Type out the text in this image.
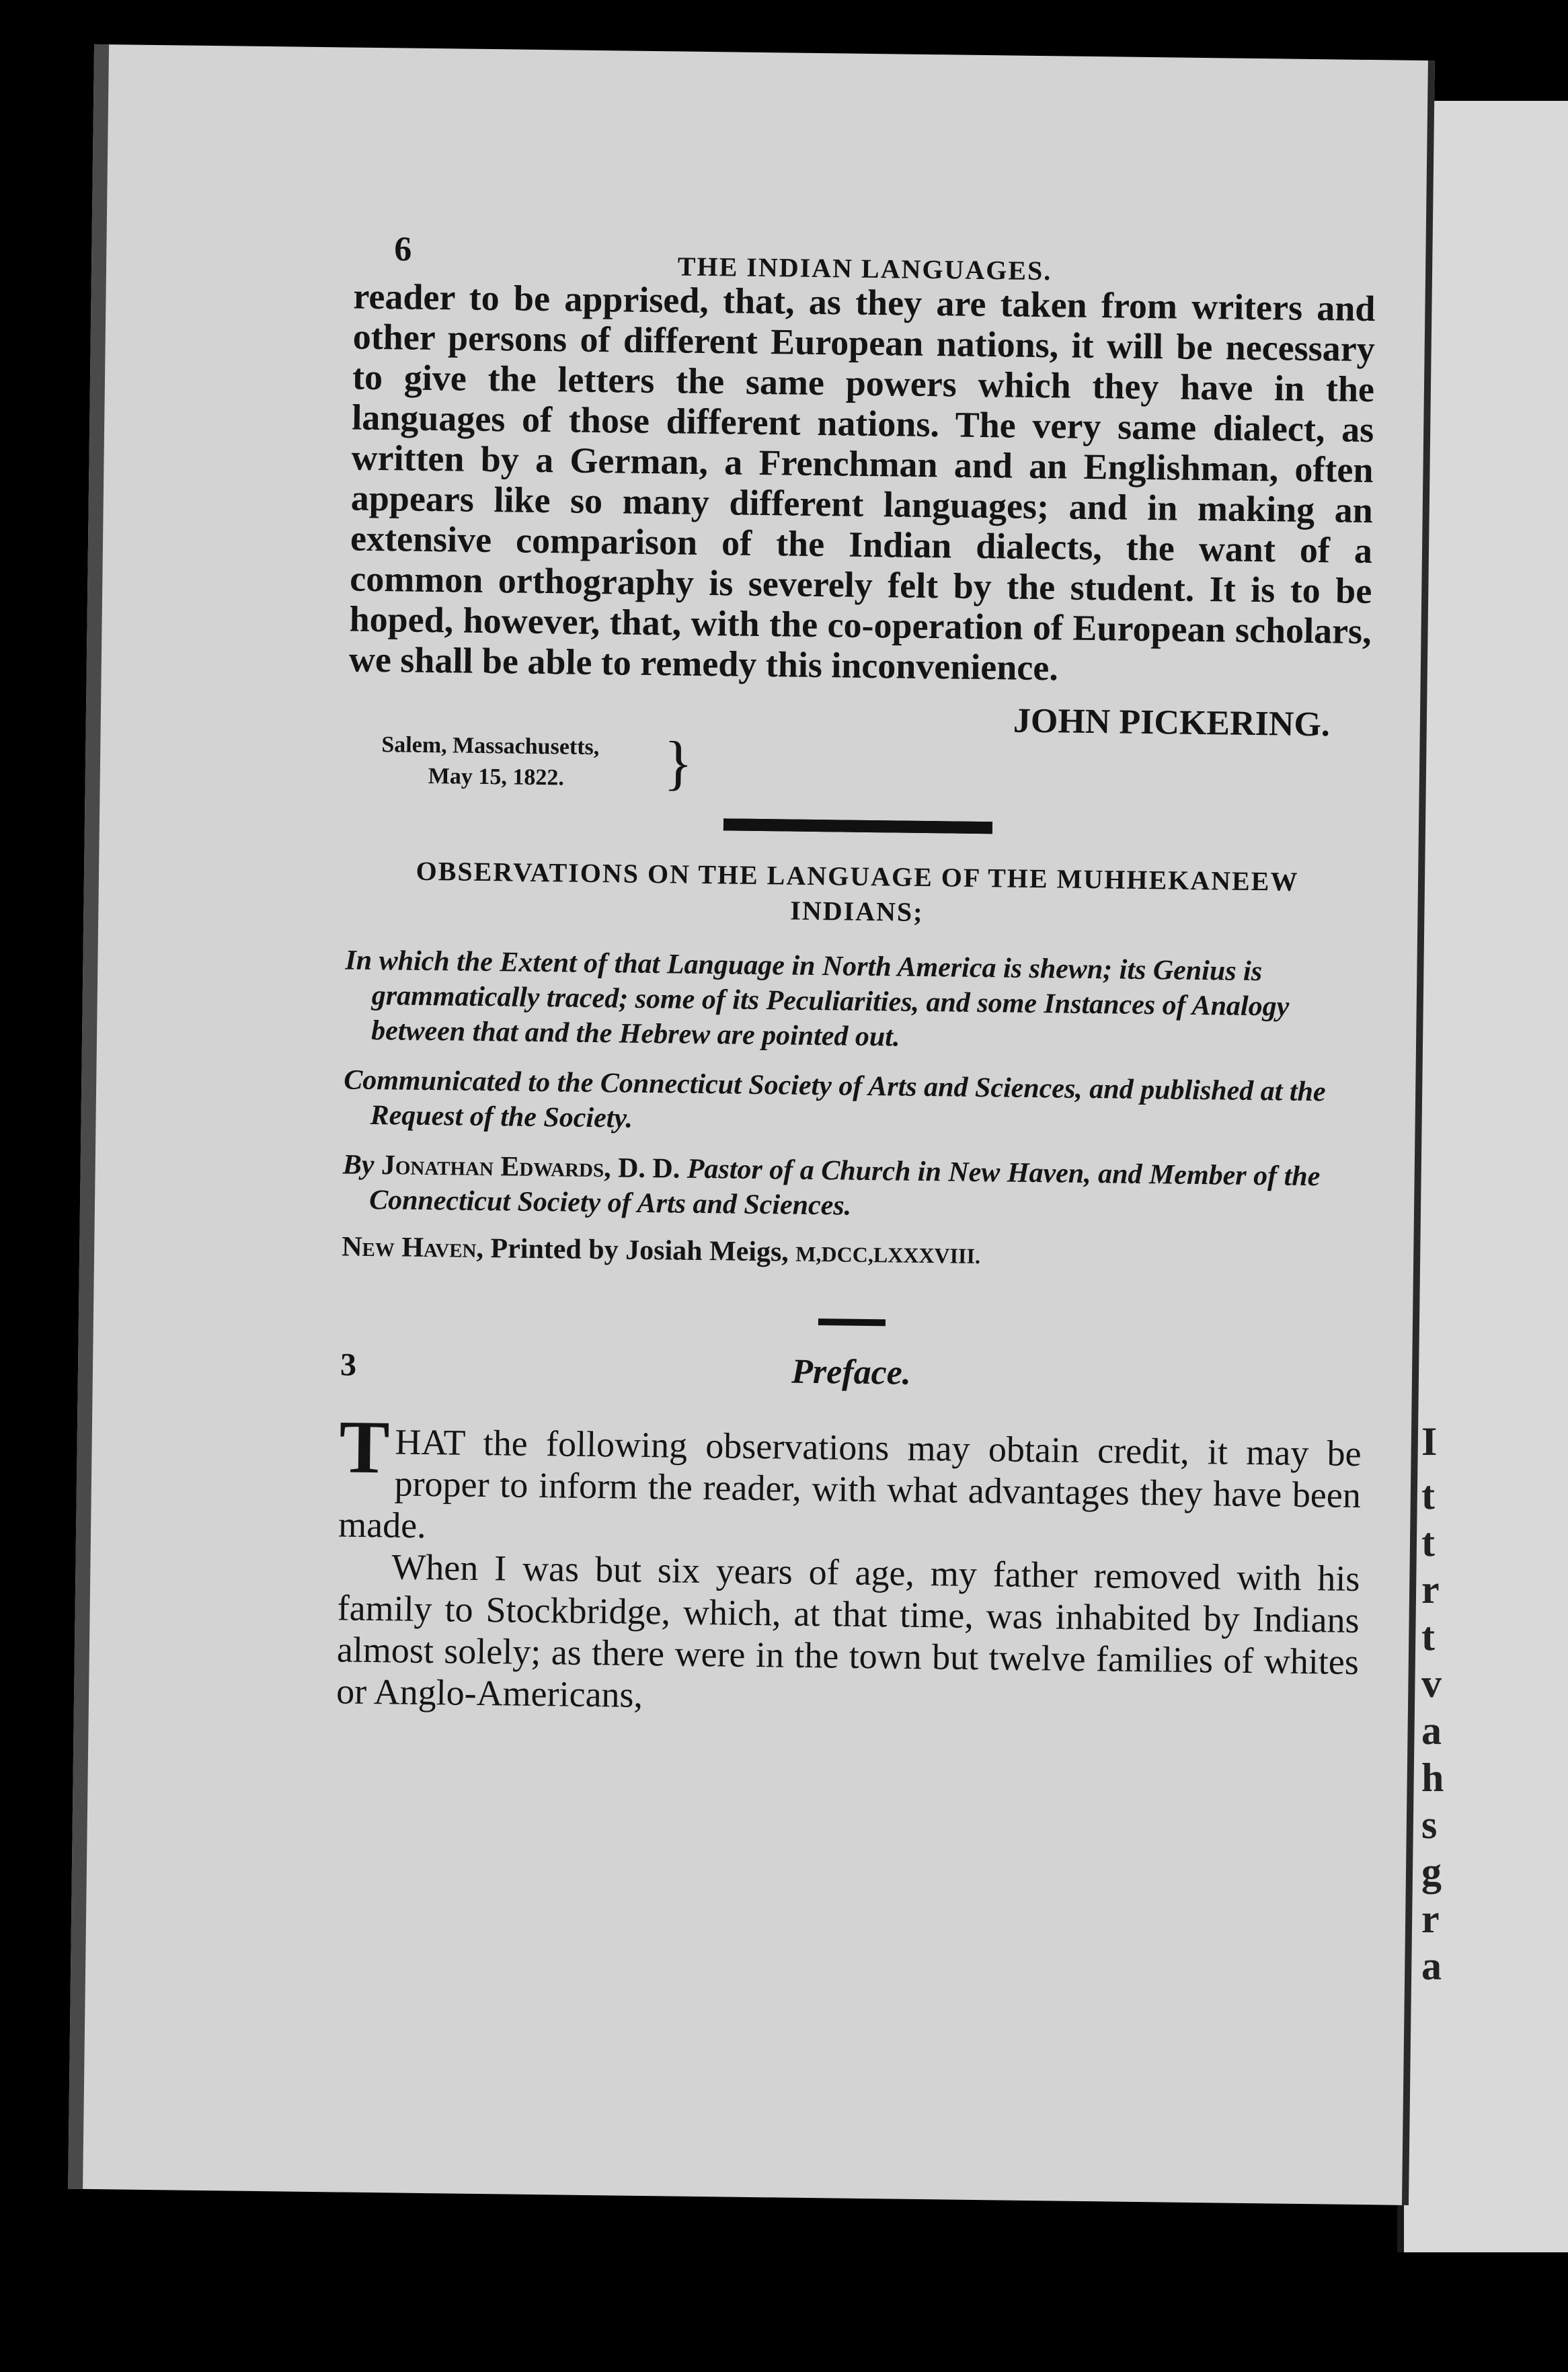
I
t
t
r
t
v
a
h
s
g
r
a
6	THE INDIAN LANGUAGES.

reader to be apprised, that, as they are taken from writers and other persons of different European nations, it will be necessary to give the letters the same powers which they have in the languages of those different nations. The very same dialect, as written by a German, a Frenchman and an Englishman, often appears like so many different languages; and in making an extensive comparison of the Indian dialects, the want of a common orthography is severely felt by the student. It is to be hoped, however, that, with the co-operation of European scholars, we shall be able to remedy this inconvenience.

JOHN PICKERING.
Salem, Massachusetts,
May 15, 1822.	}

OBSERVATIONS ON THE LANGUAGE OF THE MUHHEKANEEW
INDIANS;

In which the Extent of that Language in North America is shewn; its Genius is grammatically traced; some of its Peculiarities, and some Instances of Analogy between that and the Hebrew are pointed out.

Communicated to the Connecticut Society of Arts and Sciences, and published at the Request of the Society.

By Jonathan Edwards, D. D. Pastor of a Church in New Haven, and Member of the Connecticut Society of Arts and Sciences.

New Haven, Printed by Josiah Meigs, M,DCC,LXXXVIII.

3	Preface.

THAT the following observations may obtain credit, it may be proper to inform the reader, with what advantages they have been made.

When I was but six years of age, my father removed with his family to Stockbridge, which, at that time, was inhabited by Indians almost solely; as there were in the town but twelve families of whites or Anglo-Americans,
